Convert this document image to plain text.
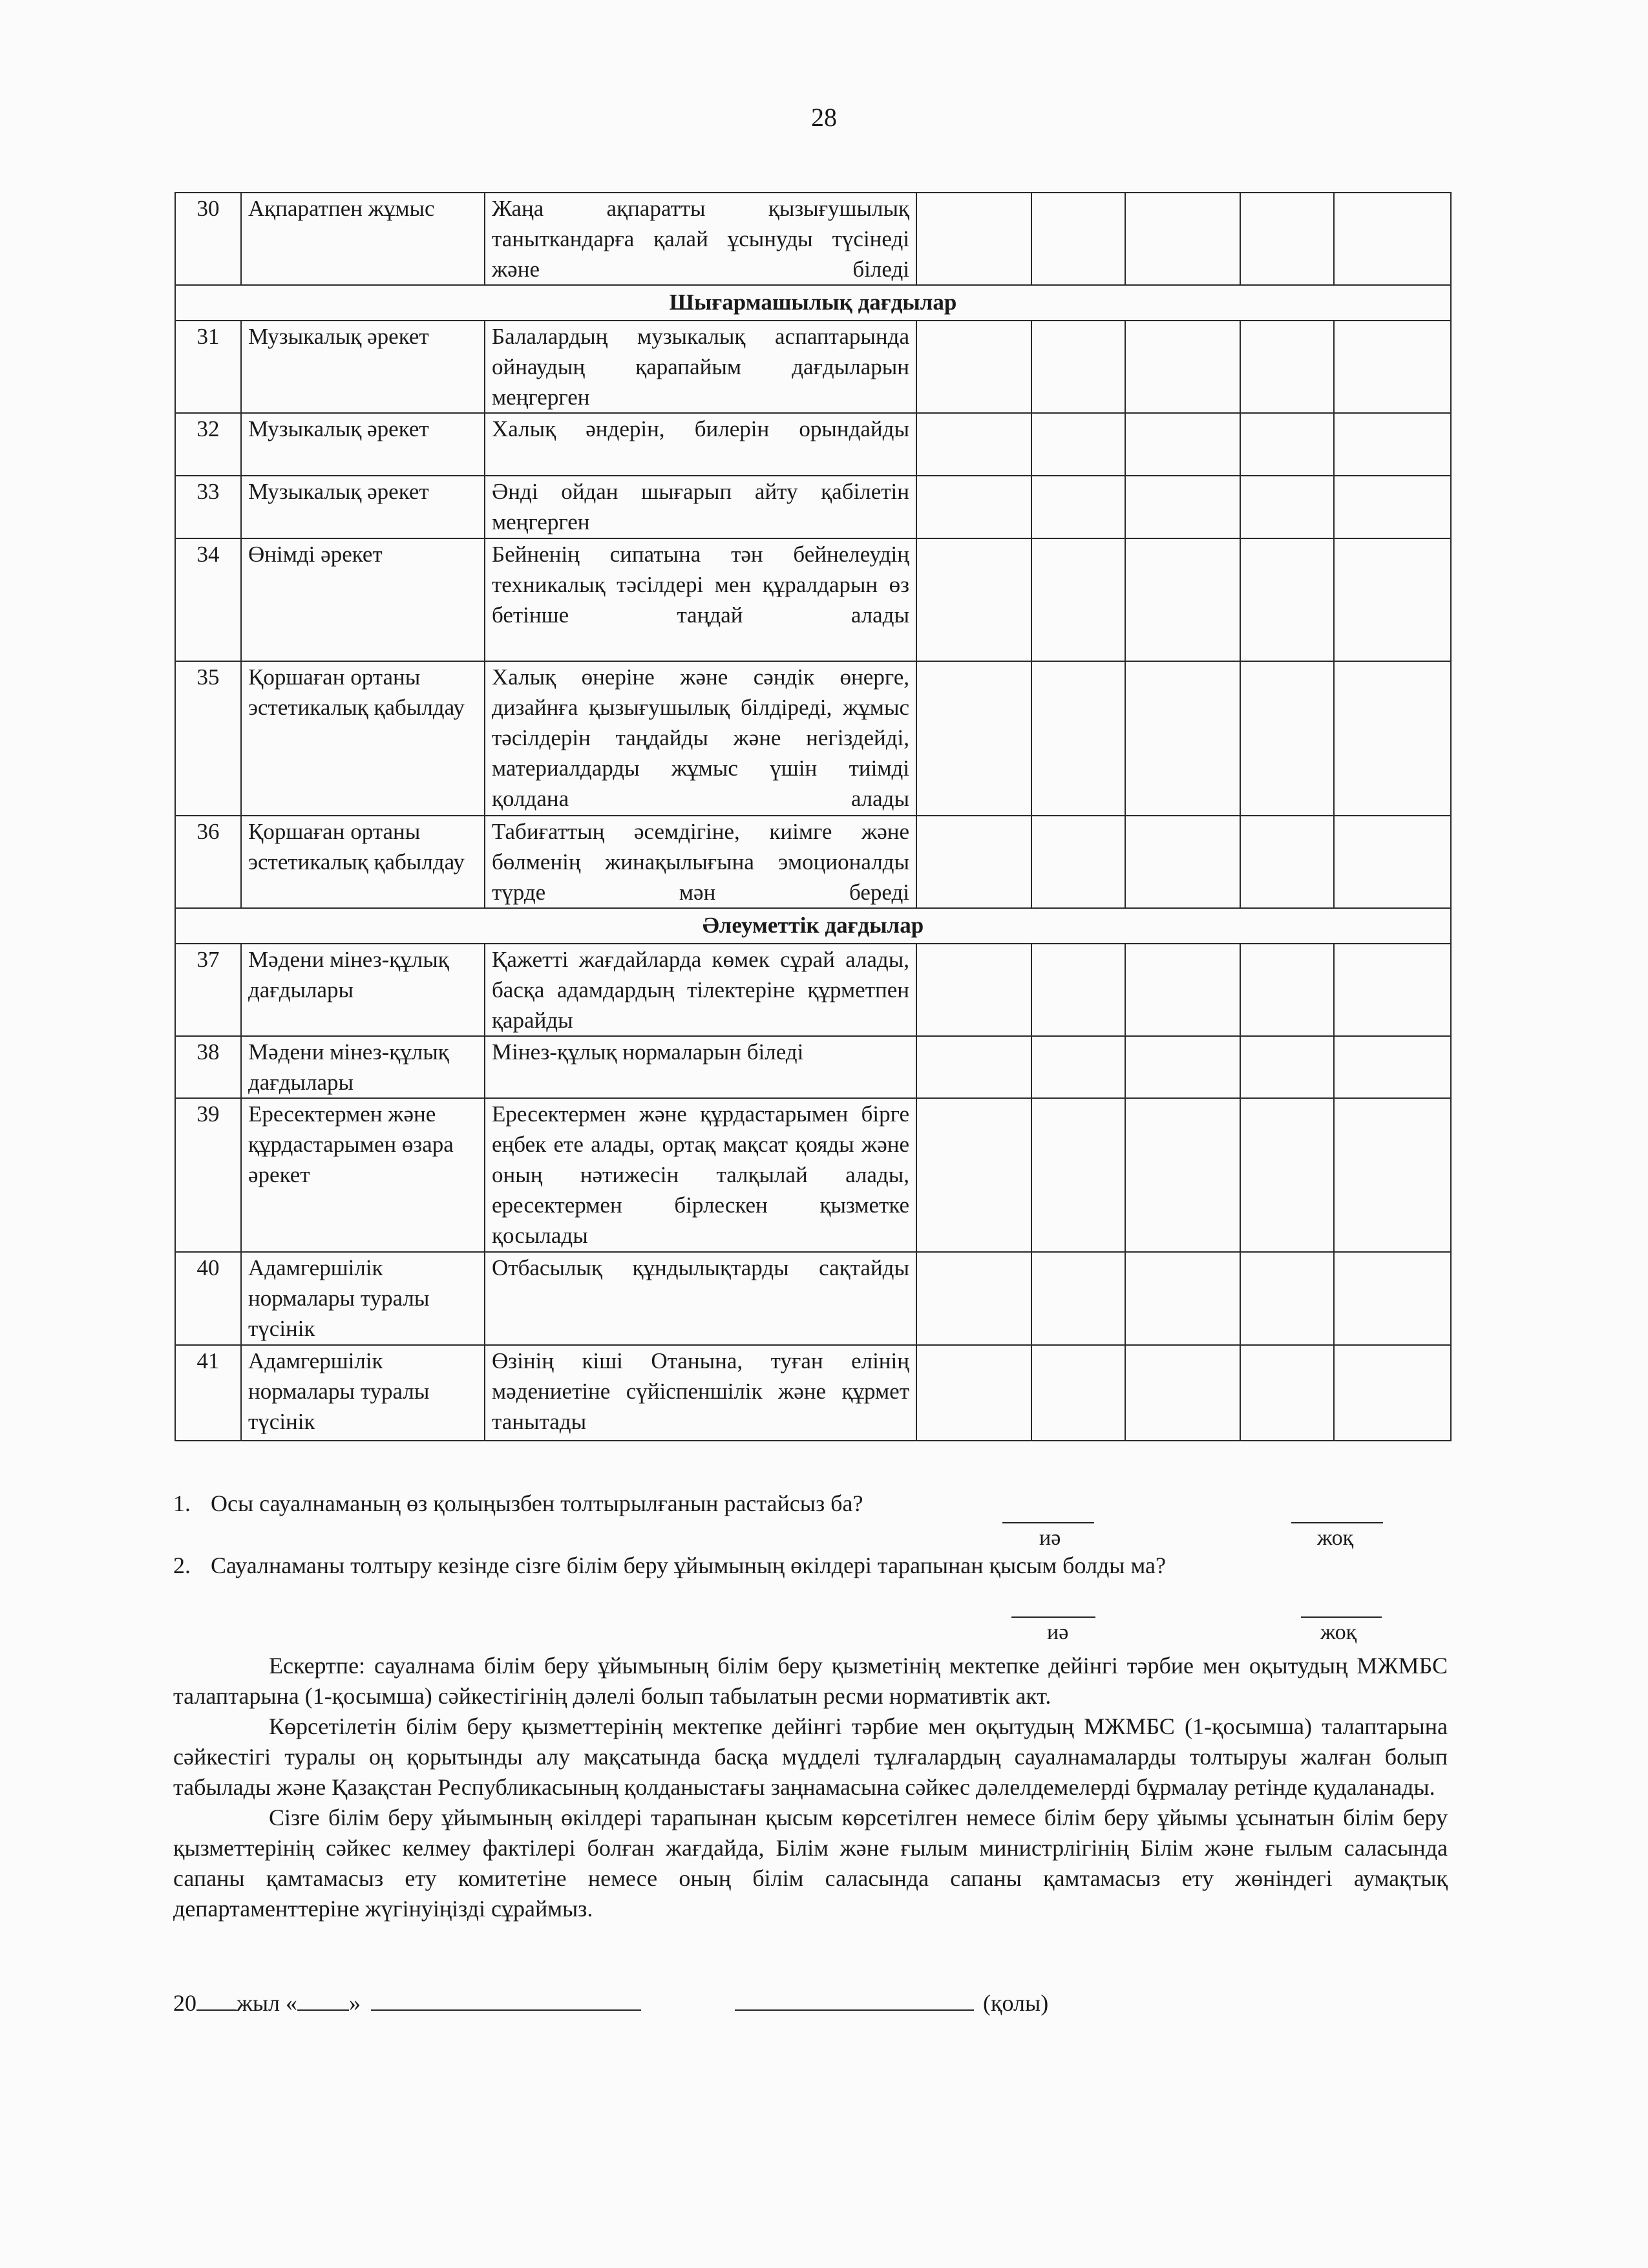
28
30	Ақпаратпен жұмыс	Жаңа ақпаратты қызығушылық таныткандарға қалай ұсынуды түсінеді және біледі					
Шығармашылық дағдылар							
31	Музыкалық әрекет	Балалардың музыкалық аспаптарында ойнаудың қарапайым дағдыларын меңгерген					
32	Музыкалық әрекет	Халық әндерін, билерін орындайды					
33	Музыкалық әрекет	Әнді ойдан шығарып айту қабілетін меңгерген					
34	Өнімді әрекет	Бейненің сипатына тән бейнелеудің техникалық тәсілдері мен құралдарын өз бетінше таңдай алады					
35	Қоршаған ортаны эстетикалық қабылдау	Халық өнеріне және сәндік өнерге, дизайнға қызығушылық білдіреді, жұмыс тәсілдерін таңдайды және негіздейді, материалдарды жұмыс үшін тиімді қолдана алады					
36	Қоршаған ортаны эстетикалық қабылдау	Табиғаттың әсемдігіне, киімге және бөлменің жинақылығына эмоционалды түрде мән береді					
Әлеуметтік дағдылар							
37	Мәдени мінез-құлық дағдылары	Қажетті жағдайларда көмек сұрай алады, басқа адамдардың тілектеріне құрметпен қарайды					
38	Мәдени мінез-құлық дағдылары	Мінез-құлық нормаларын біледі					
39	Ересектермен және құрдастарымен өзара әрекет	Ересектермен және құрдастарымен бірге еңбек ете алады, ортақ мақсат қояды және оның нәтижесін талқылай алады, ересектермен бірлескен қызметке қосылады					
40	Адамгершілік нормалары туралы түсінік	Отбасылық құндылықтарды сақтайды					
41	Адамгершілік нормалары туралы түсінік	Өзінің кіші Отанына, туған елінің мәдениетіне сүйіспеншілік және құрмет танытады					
1. Осы сауалнаманың өз қолыңызбен толтырылғанын растайсыз ба?
иә	жоқ
2. Сауалнаманы толтыру кезінде сізге білім беру ұйымының өкілдері тарапынан қысым болды ма?
иә	жоқ

Ескертпе: сауалнама білім беру ұйымының білім беру қызметінің мектепке дейінгі тәрбие мен оқытудың МЖМБС талаптарына (1-қосымша) сәйкестігінің дәлелі болып табылатын ресми нормативтік акт.

Көрсетілетін білім беру қызметтерінің мектепке дейінгі тәрбие мен оқытудың МЖМБС (1-қосымша) талаптарына сәйкестігі туралы оң қорытынды алу мақсатында басқа мүдделі тұлғалардың сауалнамаларды толтыруы жалған болып табылады және Қазақстан Республикасының қолданыстағы заңнамасына сәйкес дәлелдемелерді бұрмалау ретінде қудаланады.

Сізге білім беру ұйымының өкілдері тарапынан қысым көрсетілген немесе білім беру ұйымы ұсынатын білім беру қызметтерінің сәйкес келмеу фактілері болған жағдайда, Білім және ғылым министрлігінің Білім және ғылым саласында сапаны қамтамасыз ету комитетіне немесе оның білім саласында сапаны қамтамасыз ету жөніндегі аумақтық департаменттеріне жүгінуіңізді сұраймыз.

20 жыл « »	(қолы)
